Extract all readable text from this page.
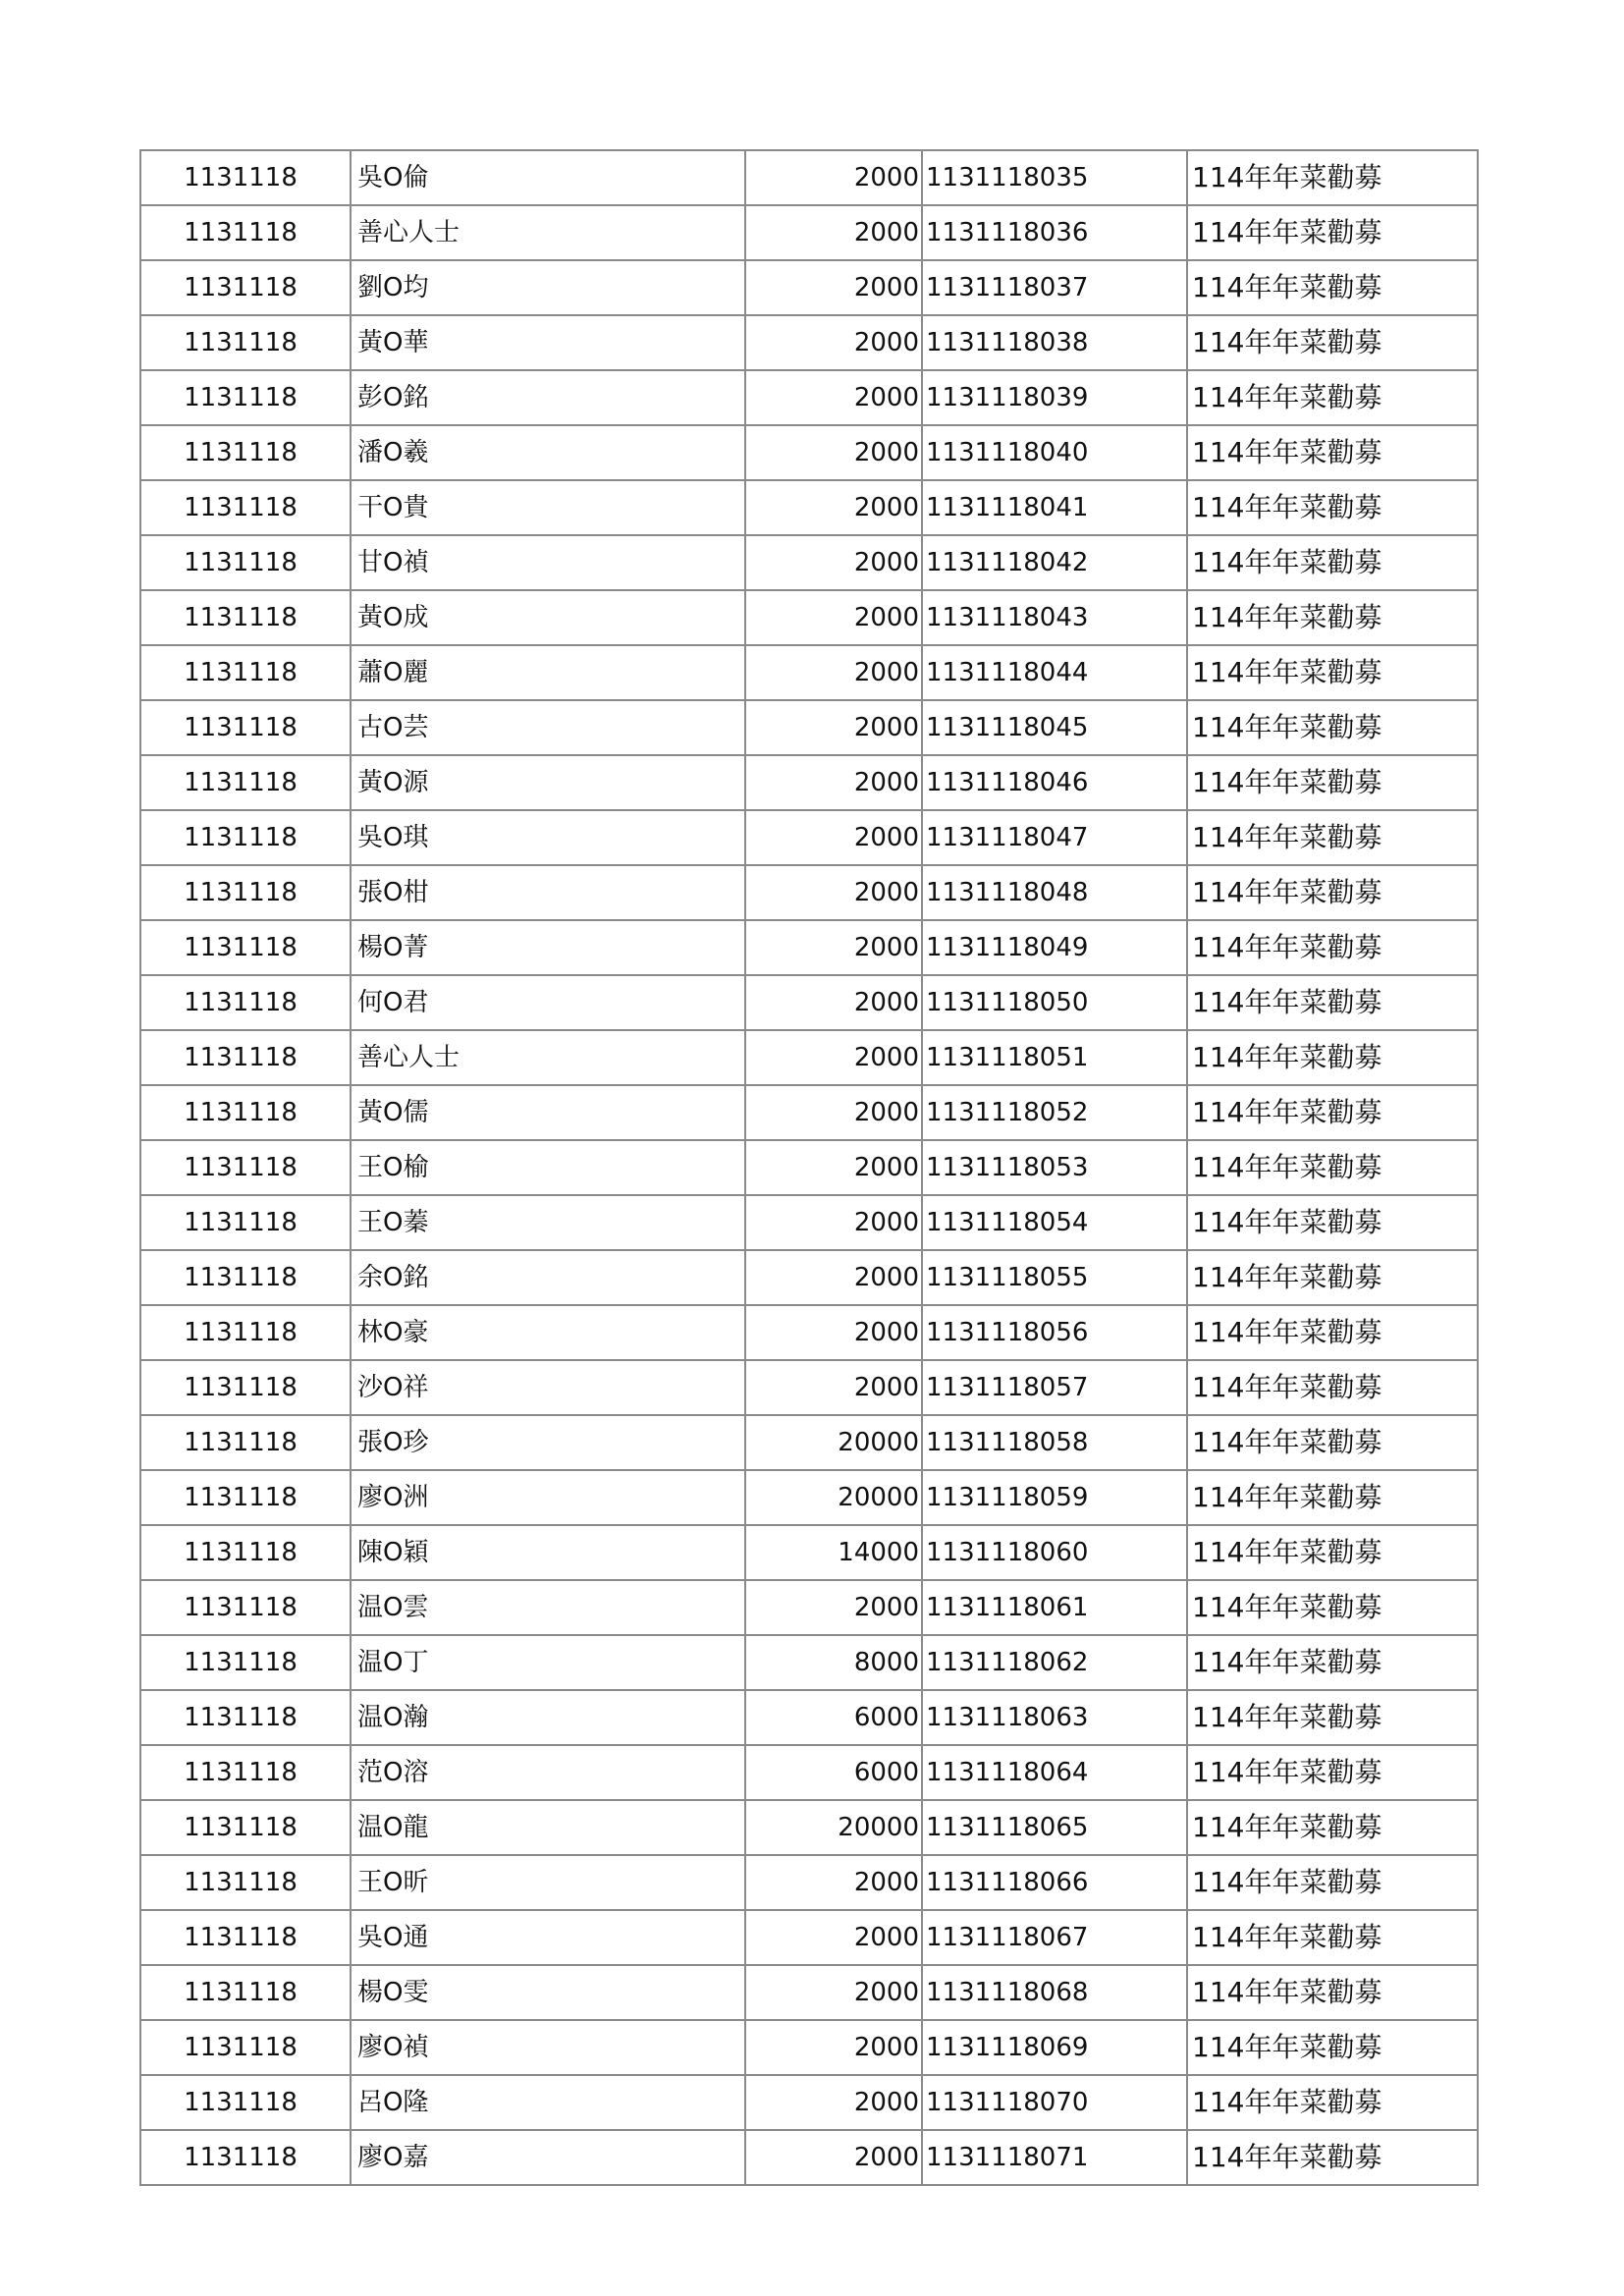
1131118	吳O倫	2000	1131118035	114年年菜勸募
1131118	善心人士	2000	1131118036	114年年菜勸募
1131118	劉O均	2000	1131118037	114年年菜勸募
1131118	黃O華	2000	1131118038	114年年菜勸募
1131118	彭O銘	2000	1131118039	114年年菜勸募
1131118	潘O羲	2000	1131118040	114年年菜勸募
1131118	干O貴	2000	1131118041	114年年菜勸募
1131118	甘O禎	2000	1131118042	114年年菜勸募
1131118	黃O成	2000	1131118043	114年年菜勸募
1131118	蕭O麗	2000	1131118044	114年年菜勸募
1131118	古O芸	2000	1131118045	114年年菜勸募
1131118	黃O源	2000	1131118046	114年年菜勸募
1131118	吳O琪	2000	1131118047	114年年菜勸募
1131118	張O柑	2000	1131118048	114年年菜勸募
1131118	楊O菁	2000	1131118049	114年年菜勸募
1131118	何O君	2000	1131118050	114年年菜勸募
1131118	善心人士	2000	1131118051	114年年菜勸募
1131118	黃O儒	2000	1131118052	114年年菜勸募
1131118	王O榆	2000	1131118053	114年年菜勸募
1131118	王O蓁	2000	1131118054	114年年菜勸募
1131118	余O銘	2000	1131118055	114年年菜勸募
1131118	林O豪	2000	1131118056	114年年菜勸募
1131118	沙O祥	2000	1131118057	114年年菜勸募
1131118	張O珍	20000	1131118058	114年年菜勸募
1131118	廖O洲	20000	1131118059	114年年菜勸募
1131118	陳O穎	14000	1131118060	114年年菜勸募
1131118	温O雲	2000	1131118061	114年年菜勸募
1131118	温O丁	8000	1131118062	114年年菜勸募
1131118	温O瀚	6000	1131118063	114年年菜勸募
1131118	范O溶	6000	1131118064	114年年菜勸募
1131118	温O龍	20000	1131118065	114年年菜勸募
1131118	王O昕	2000	1131118066	114年年菜勸募
1131118	吳O通	2000	1131118067	114年年菜勸募
1131118	楊O雯	2000	1131118068	114年年菜勸募
1131118	廖O禎	2000	1131118069	114年年菜勸募
1131118	呂O隆	2000	1131118070	114年年菜勸募
1131118	廖O嘉	2000	1131118071	114年年菜勸募
